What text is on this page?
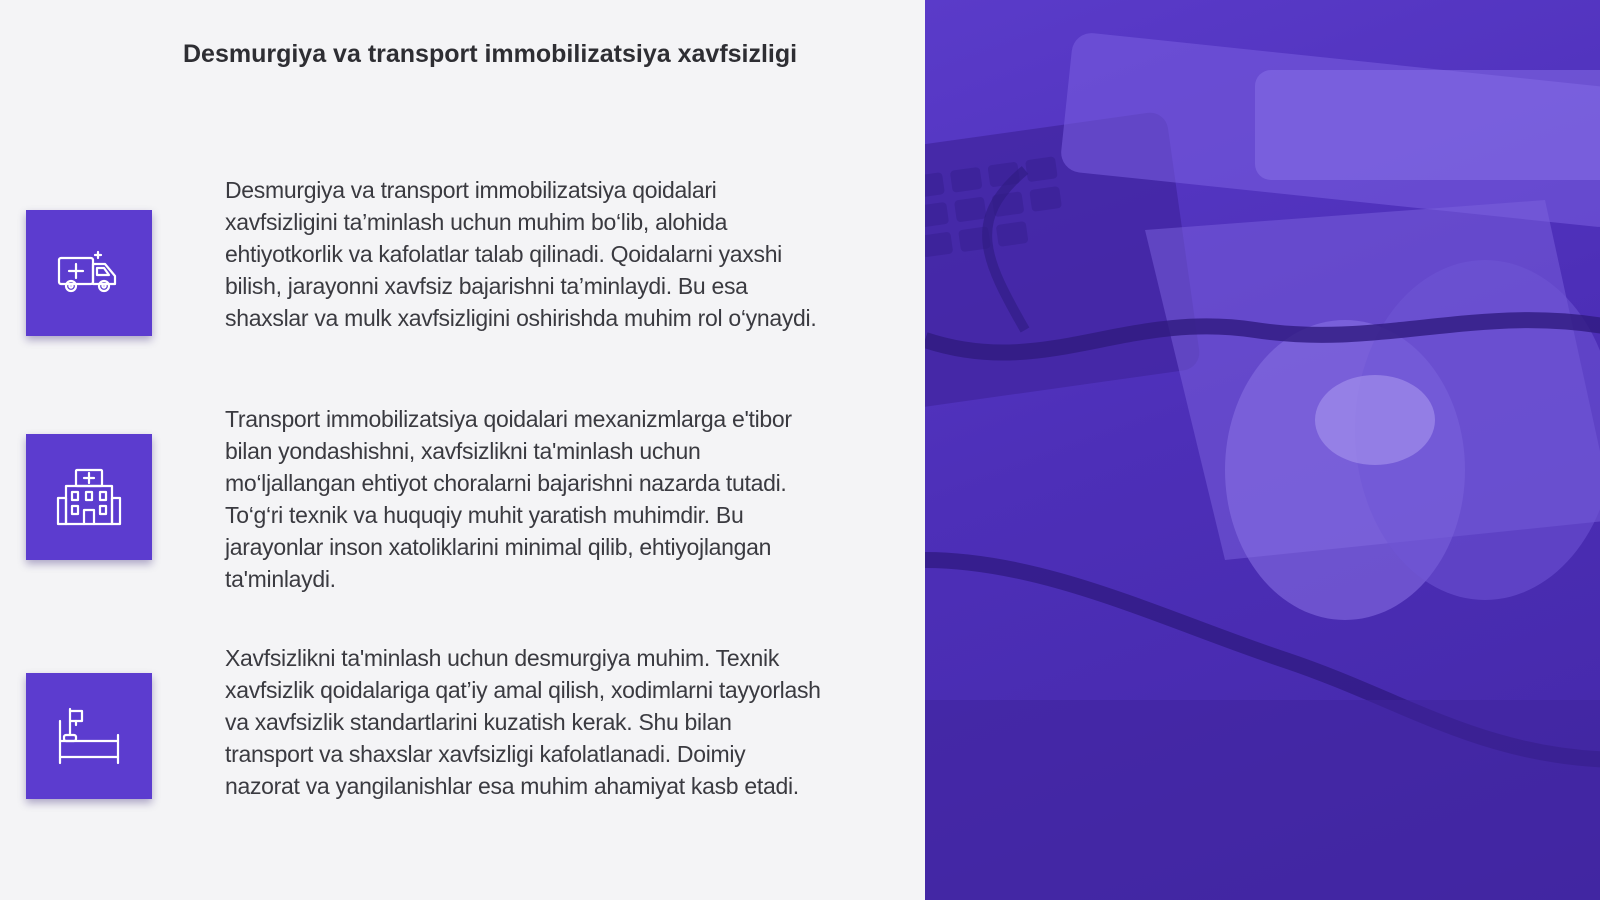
Desmurgiya va transport immobilizatsiya xavfsizligi
Desmurgiya va transport immobilizatsiya qoidalari xavfsizligini ta’minlash uchun muhim bo‘lib, alohida ehtiyotkorlik va kafolatlar talab qilinadi. Qoidalarni yaxshi bilish, jarayonni xavfsiz bajarishni ta’minlaydi. Bu esa shaxslar va mulk xavfsizligini oshirishda muhim rol o‘ynaydi.
Transport immobilizatsiya qoidalari mexanizmlarga e'tibor bilan yondashishni, xavfsizlikni ta'minlash uchun mo‘ljallangan ehtiyot choralarni bajarishni nazarda tutadi. To‘g‘ri texnik va huquqiy muhit yaratish muhimdir. Bu jarayonlar inson xatoliklarini minimal qilib, ehtiyojlangan ta'minlaydi.
Xavfsizlikni ta'minlash uchun desmurgiya muhim. Texnik xavfsizlik qoidalariga qat’iy amal qilish, xodimlarni tayyorlash va xavfsizlik standartlarini kuzatish kerak. Shu bilan transport va shaxslar xavfsizligi kafolatlanadi. Doimiy nazorat va yangilanishlar esa muhim ahamiyat kasb etadi.
